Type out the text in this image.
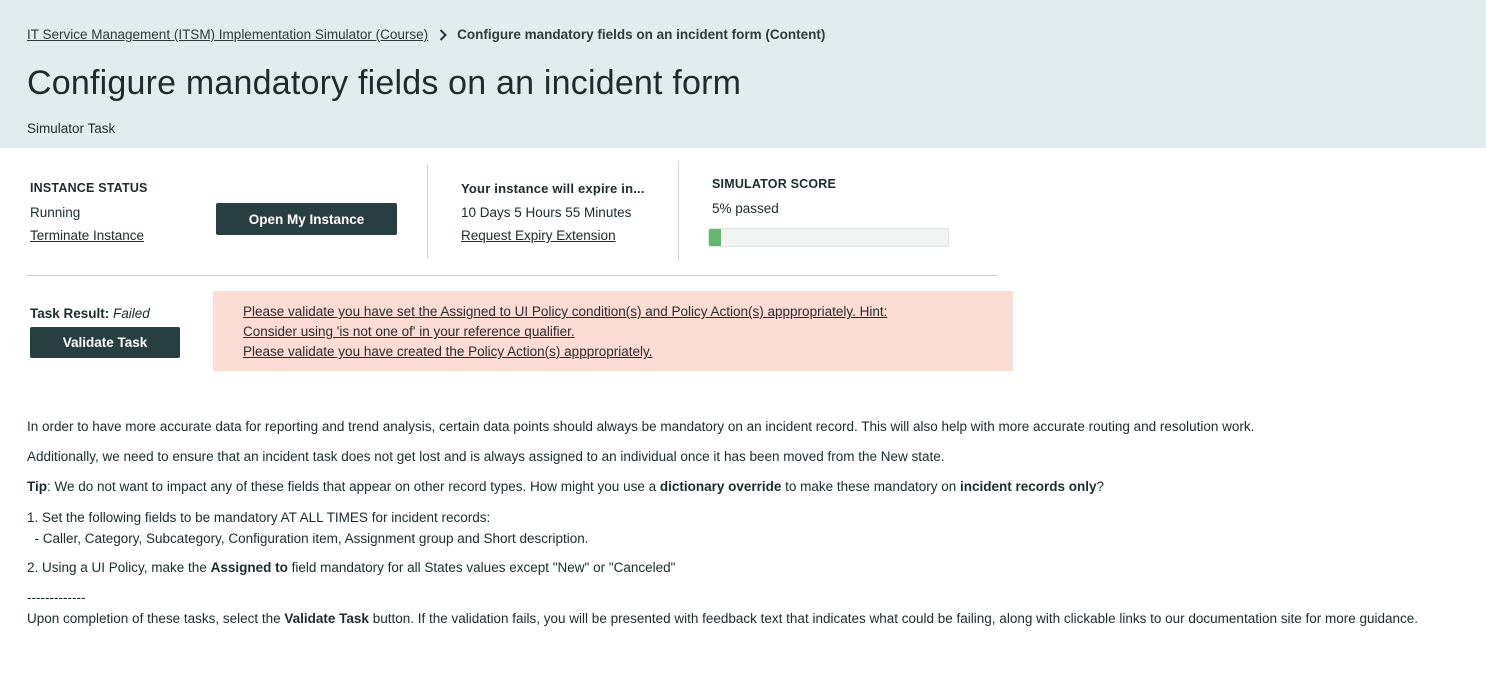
IT Service Management (ITSM) Implementation Simulator (Course) Configure mandatory fields on an incident form (Content)
Configure mandatory fields on an incident form
Simulator Task
INSTANCE STATUS
Running
Terminate Instance
Open My Instance
Your instance will expire in...
10 Days 5 Hours 55 Minutes
Request Expiry Extension
SIMULATOR SCORE
5% passed
Task Result: Failed
Validate Task
Please validate you have set the Assigned to UI Policy condition(s) and Policy Action(s) apppropriately. Hint:
Consider using 'is not one of' in your reference qualifier.
Please validate you have created the Policy Action(s) apppropriately.
In order to have more accurate data for reporting and trend analysis, certain data points should always be mandatory on an incident record. This will also help with more accurate routing and resolution work.
Additionally, we need to ensure that an incident task does not get lost and is always assigned to an individual once it has been moved from the New state.
Tip: We do not want to impact any of these fields that appear on other record types. How might you use a dictionary override to make these mandatory on incident records only?
1. Set the following fields to be mandatory AT ALL TIMES for incident records:
- Caller, Category, Subcategory, Configuration item, Assignment group and Short description.
2. Using a UI Policy, make the Assigned to field mandatory for all States values except "New" or "Canceled"
-------------
Upon completion of these tasks, select the Validate Task button. If the validation fails, you will be presented with feedback text that indicates what could be failing, along with clickable links to our documentation site for more guidance.
